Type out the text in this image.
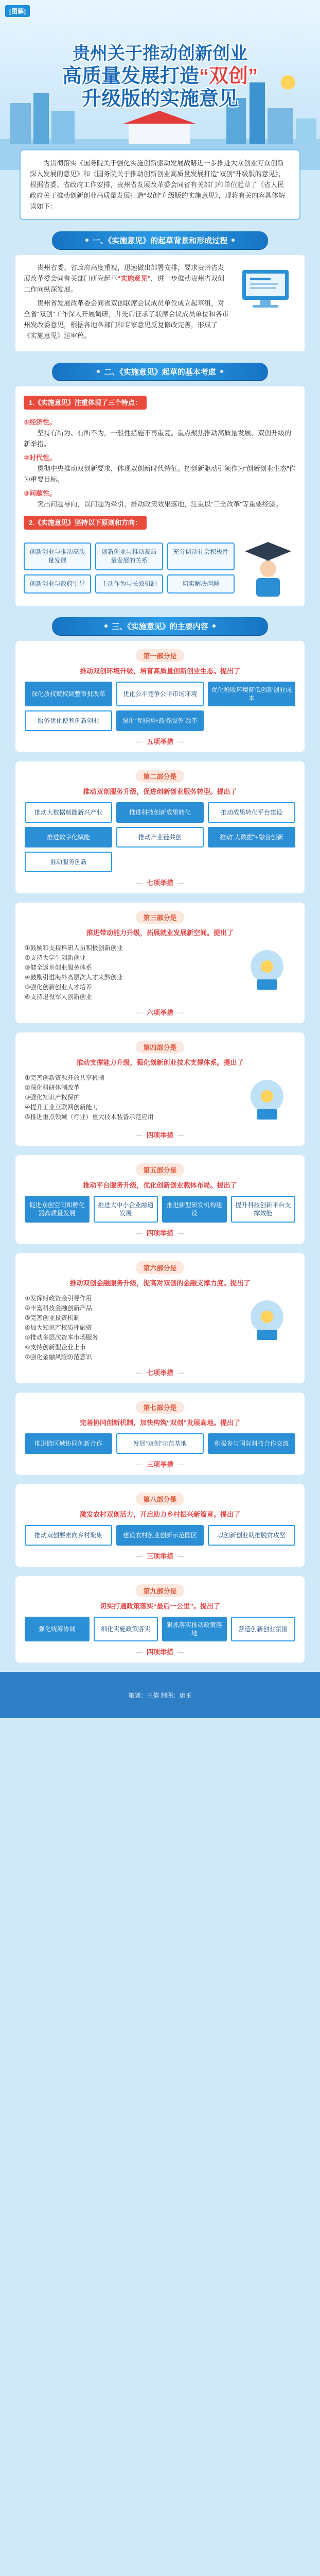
[图解]
贵州关于推动创新创业
高质量发展打造“双创”
升级版的实施意见
为贯彻落实《国务院关于强化实施创新驱动发展战略进一步推进大众创业万众创新深入发展的意见》和《国务院关于推动创新创业高质量发展打造“双创”升级版的意见》，根据省委、省政府工作安排，贵州省发展改革委会同省有关部门和单位起草了《省人民政府关于推动创新创业高质量发展打造“双创”升级版的实施意见》，现将有关内容具体解读如下：
一、《实施意见》的起草背景和形成过程

贵州省委、省政府高度重视，迅速做出部署安排，要求贵州省发展改革委会同有关部门研究起草“实施意见”，进一步推动贵州省双创工作向纵深发展。

贵州省发展改革委会同省双创联席会议成员单位成立起草组，对全省“双创”工作深入开展调研，并先后征求了联席会议成员单位和各市州发改委意见，根据各地各部门和专家意见反复修改完善，形成了《实施意见》送审稿。

二、《实施意见》起草的基本考虑
1.《实施意见》注重体现了三个特点：
①经济性。
坚持有所为、有所不为，一般性措施不再重复。重点聚焦推动高质量发展、双创升级的新举措。
②时代性。
贯彻中央推动双创新要求，体现双创新时代特征。把创新驱动引领作为“创新创业生态”作为重要目标。
③问题性。
突出问题导向，以问题为牵引，推动政策效果落地，注重以“三全改革”等重要经验。
2.《实施意见》坚持以下原则和方向：
创新创业与推动高质量发展
创新创业与推动高质量发展的关系
充分调动社会积极性
创新创业与政府引导	主动作为与长效机制	切实解决问题
三、《实施意见》的主要内容
第一部分是
推动双创环境升级，培育高质量创新创业生态。提出了
深化放权赋权调整审批改革	优化公平竞争公平市场环境
优化税收环境降低创新创业成本
服务优化便利创新创业	深化“互联网+政务服务”改革
— 五项举措 —
第二部分是
推动双创服务升级，促进创新创业服务转型。提出了
推动大数据赋能新兴产业	推进科技创新成果转化	推动成果转化平台建设
推进数字化赋能	推动产业链共创	推动“大数据”+融合创新
推动服务创新
— 七项举措 —
第三部分是
推进带动能力升级，拓展就业发展新空间。提出了
①鼓励和支持科研人员积极创新创业
②支持大学生创新创业
③健全返乡创业服务体系
④鼓励引进海外高层次人才来黔创业
⑤强化创新创业人才培养
⑥支持退役军人创新创业
— 六项举措 —
第四部分是
推动支撑能力升级，强化创新创业技术支撑体系。提出了
①完善创新资源开放共享机制
②深化科研体制改革
③强化知识产权保护
④提升工业互联网创新能力
⑤推进重点领域（行业）重大技术装备示范应用
— 四项举措 —
第五部分是
推动平台服务升级，优化创新创业载体布局。提出了
促进众创空间和孵化器高质量发展
推进大中小企业融通发展
推进新型研发机构建设
提升科技创新平台支撑效能
— 四项举措 —
第六部分是
推动双创金融服务升级，提高对双创的金融支撑力度。提出了
①发挥财政资金引导作用
②丰富科技金融创新产品
③完善创业投资机制
④加大知识产权质押融资
⑤推动多层次资本市场服务
⑥支持创新型企业上市
⑦强化金融风险防范意识
— 七项举措 —
第七部分是
完善协同创新机制，加快构筑“双创”发展高地。提出了
推进跨区域协同创新合作	发展“双创”示范基地	积极参与国际科技合作交流
— 三项举措 —
第八部分是
激发农村双创活力，开启助力乡村振兴新篇章。提出了
推动双创要素向乡村聚集	建设农村创业创新示范园区	以创新创业助推脱贫攻坚
— 三项举措 —
第九部分是
切实打通政策落实“最后一公里”。提出了
强化统筹协调	细化实施政策落实
狠抓落实推动政策落地
营造创新创业氛围
— 四项举措 —
策划：王倩 制图：唐玉
